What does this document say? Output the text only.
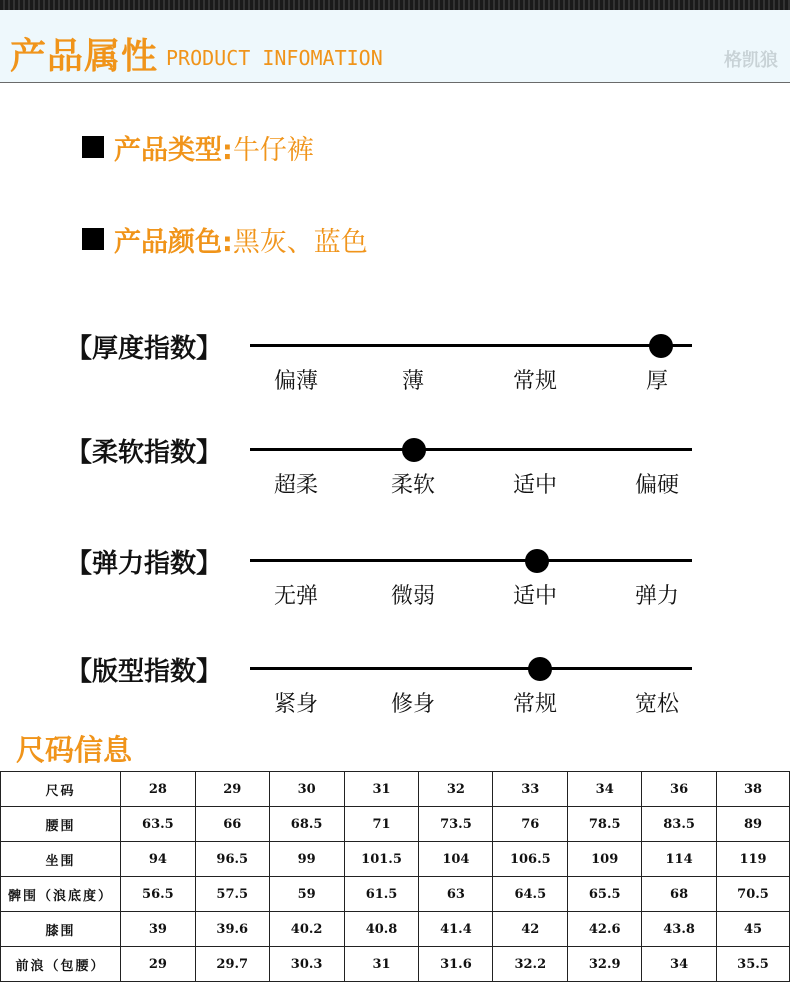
产品属性 PRODUCT INFOMATION	格凯狼
产品类型: 牛仔裤
产品颜色: 黑灰、蓝色
【厚度指数】
偏薄	薄	常规	厚
【柔软指数】
超柔	柔软	适中	偏硬
【弹力指数】
无弹	微弱	适中	弹力
【版型指数】
紧身	修身	常规	宽松
尺码信息
尺码	28	29	30	31	32	33	34	36	38
腰围	63.5	66	68.5	71	73.5	76	78.5	83.5	89
坐围	94	96.5	99	101.5	104	106.5	109	114	119
髀围（浪底度）	56.5	57.5	59	61.5	63	64.5	65.5	68	70.5
膝围	39	39.6	40.2	40.8	41.4	42	42.6	43.8	45
前浪（包腰）	29	29.7	30.3	31	31.6	32.2	32.9	34	35.5
